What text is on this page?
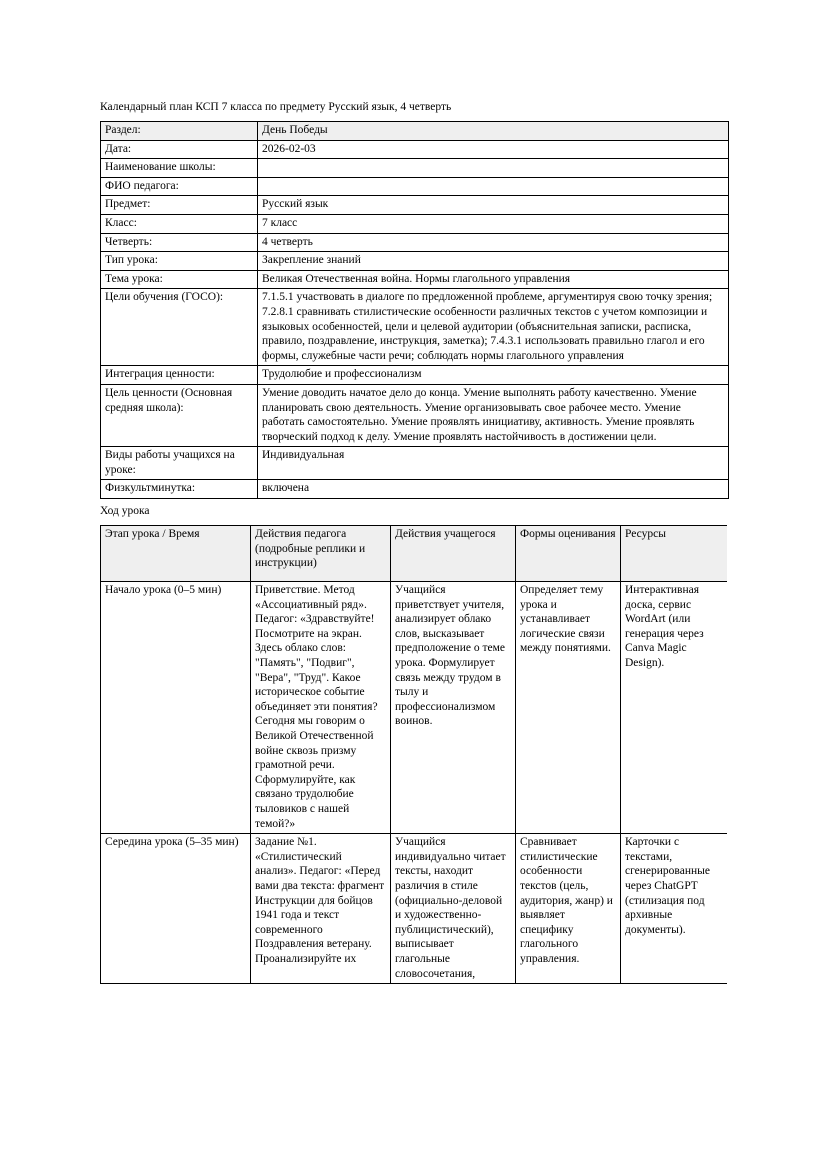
Календарный план КСП 7 класса по предмету Русский язык, 4 четверть

Раздел:	День Победы
Дата:	2026-02-03
Наименование школы:	
ФИО педагога:	
Предмет:	Русский язык
Класс:	7 класс
Четверть:	4 четверть
Тип урока:	Закрепление знаний
Тема урока:	Великая Отечественная война. Нормы глагольного управления
Цели обучения (ГОСО):	7.1.5.1 участвовать в диалоге по предложенной проблеме, аргументируя свою точку зрения; 7.2.8.1 сравнивать стилистические особенности различных текстов с учетом композиции и языковых особенностей, цели и целевой аудитории (объяснительная записки, расписка, правило, поздравление, инструкция, заметка); 7.4.3.1 использовать правильно глагол и его формы, служебные части речи; соблюдать нормы глагольного управления
Интеграция ценности:	Трудолюбие и профессионализм
Цель ценности (Основная средняя школа):	Умение доводить начатое дело до конца. Умение выполнять работу качественно. Умение планировать свою деятельность. Умение организовывать свое рабочее место. Умение работать самостоятельно. Умение проявлять инициативу, активность. Умение проявлять творческий подход к делу. Умение проявлять настойчивость в достижении цели.
Виды работы учащихся на уроке:	Индивидуальная
Физкультминутка:	включена

Ход урока

Этап урока / Время	Действия педагога (подробные реплики и инструкции)	Действия учащегося	Формы оценивания	Ресурсы
Начало урока (0–5 мин)	Приветствие. Метод «Ассоциативный ряд». Педагог: «Здравствуйте! Посмотрите на экран. Здесь облако слов: "Память", "Подвиг", "Вера", "Труд". Какое историческое событие объединяет эти понятия? Сегодня мы говорим о Великой Отечественной войне сквозь призму грамотной речи. Сформулируйте, как связано трудолюбие тыловиков с нашей темой?»	Учащийся приветствует учителя, анализирует облако слов, высказывает предположение о теме урока. Формулирует связь между трудом в тылу и профессионализмом воинов.	Определяет тему урока и устанавливает логические связи между понятиями.	Интерактивная доска, сервис WordArt (или генерация через Canva Magic Design).
Середина урока (5–35 мин)	Задание №1. «Стилистический анализ». Педагог: «Перед вами два текста: фрагмент Инструкции для бойцов 1941 года и текст современного Поздравления ветерану. Проанализируйте их	Учащийся индивидуально читает тексты, находит различия в стиле (официально-деловой и художественно-публицистический), выписывает глагольные словосочетания,	Сравнивает стилистические особенности текстов (цель, аудитория, жанр) и выявляет специфику глагольного управления.	Карточки с текстами, сгенерированные через ChatGPT (стилизация под архивные документы).
